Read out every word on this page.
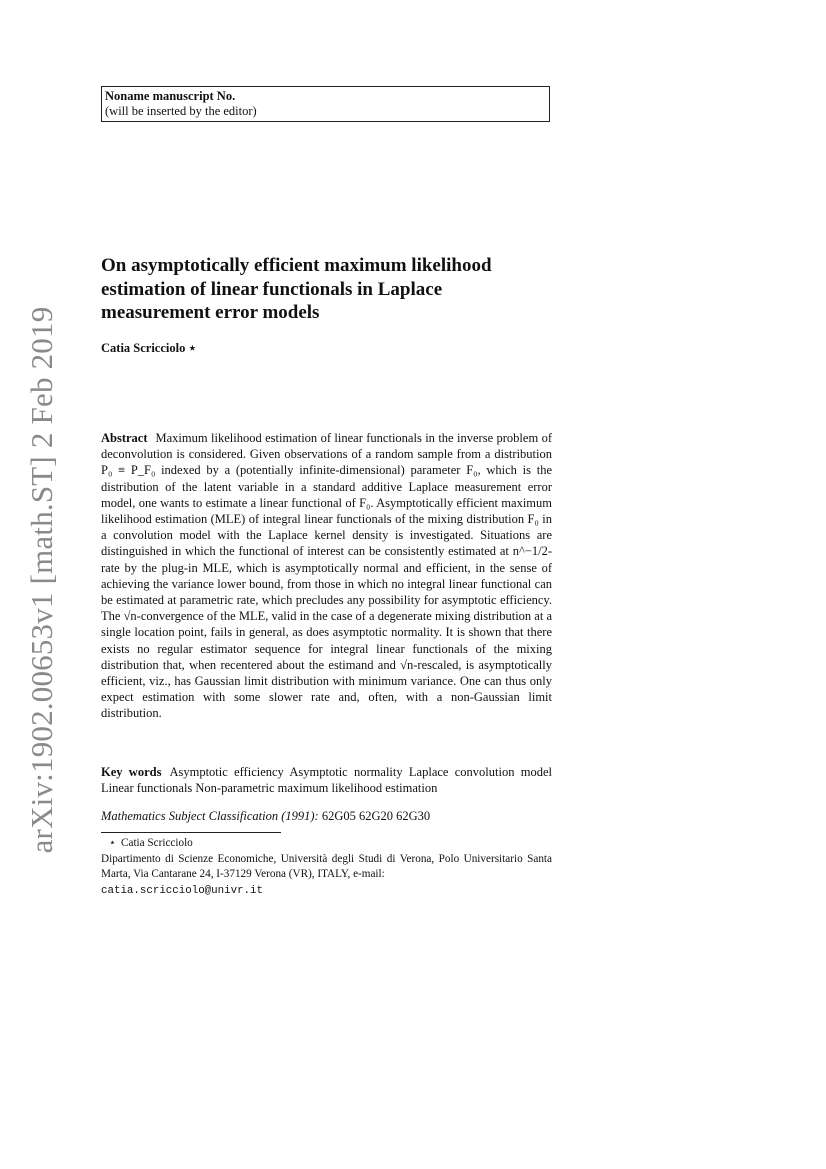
arXiv:1902.00653v1 [math.ST] 2 Feb 2019
Noname manuscript No.
(will be inserted by the editor)
On asymptotically efficient maximum likelihood estimation of linear functionals in Laplace measurement error models
Catia Scricciolo ⋆

Abstract Maximum likelihood estimation of linear functionals in the inverse problem of deconvolution is considered. Given observations of a random sample from a distribution P₀ ≡ P_F₀ indexed by a (potentially infinite-dimensional) parameter F₀, which is the distribution of the latent variable in a standard additive Laplace measurement error model, one wants to estimate a linear functional of F₀. Asymptotically efficient maximum likelihood estimation (MLE) of integral linear functionals of the mixing distribution F₀ in a convolution model with the Laplace kernel density is investigated. Situations are distinguished in which the functional of interest can be consistently estimated at n^−1/2-rate by the plug-in MLE, which is asymptotically normal and efficient, in the sense of achieving the variance lower bound, from those in which no integral linear functional can be estimated at parametric rate, which precludes any possibility for asymptotic efficiency. The √n-convergence of the MLE, valid in the case of a degenerate mixing distribution at a single location point, fails in general, as does asymptotic normality. It is shown that there exists no regular estimator sequence for integral linear functionals of the mixing distribution that, when recentered about the estimand and √n-rescaled, is asymptotically efficient, viz., has Gaussian limit distribution with minimum variance. One can thus only expect estimation with some slower rate and, often, with a non-Gaussian limit distribution.

Key words Asymptotic efficiency Asymptotic normality Laplace convolution model Linear functionals Non-parametric maximum likelihood estimation

Mathematics Subject Classification (1991): 62G05 62G20 62G30
⋆ Catia Scricciolo
Dipartimento di Scienze Economiche, Università degli Studi di Verona, Polo Universitario Santa Marta, Via Cantarane 24, I-37129 Verona (VR), ITALY, e-mail:
catia.scricciolo@univr.it
